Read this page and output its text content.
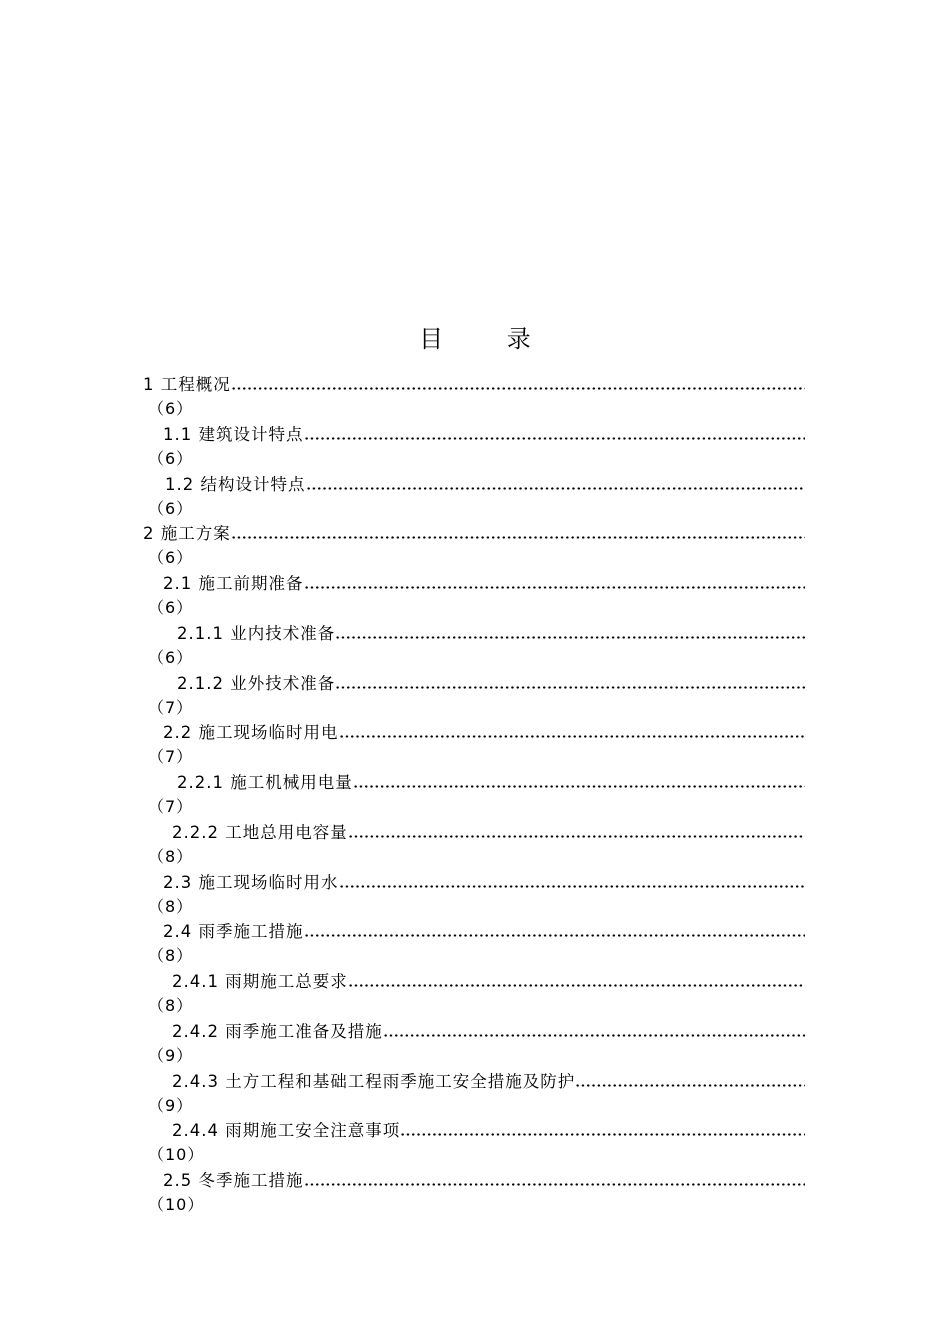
目 录
1 工程概况
（6）
1.1 建筑设计特点
（6）
1.2 结构设计特点
（6）
2 施工方案
（6）
2.1 施工前期准备
（6）
2.1.1 业内技术准备
（6）
2.1.2 业外技术准备
（7）
2.2 施工现场临时用电
（7）
2.2.1 施工机械用电量
（7）
2.2.2 工地总用电容量
（8）
2.3 施工现场临时用水
（8）
2.4 雨季施工措施
（8）
2.4.1 雨期施工总要求
（8）
2.4.2 雨季施工准备及措施
（9）
2.4.3 土方工程和基础工程雨季施工安全措施及防护
（9）
2.4.4 雨期施工安全注意事项
（10）
2.5 冬季施工措施
（10）
